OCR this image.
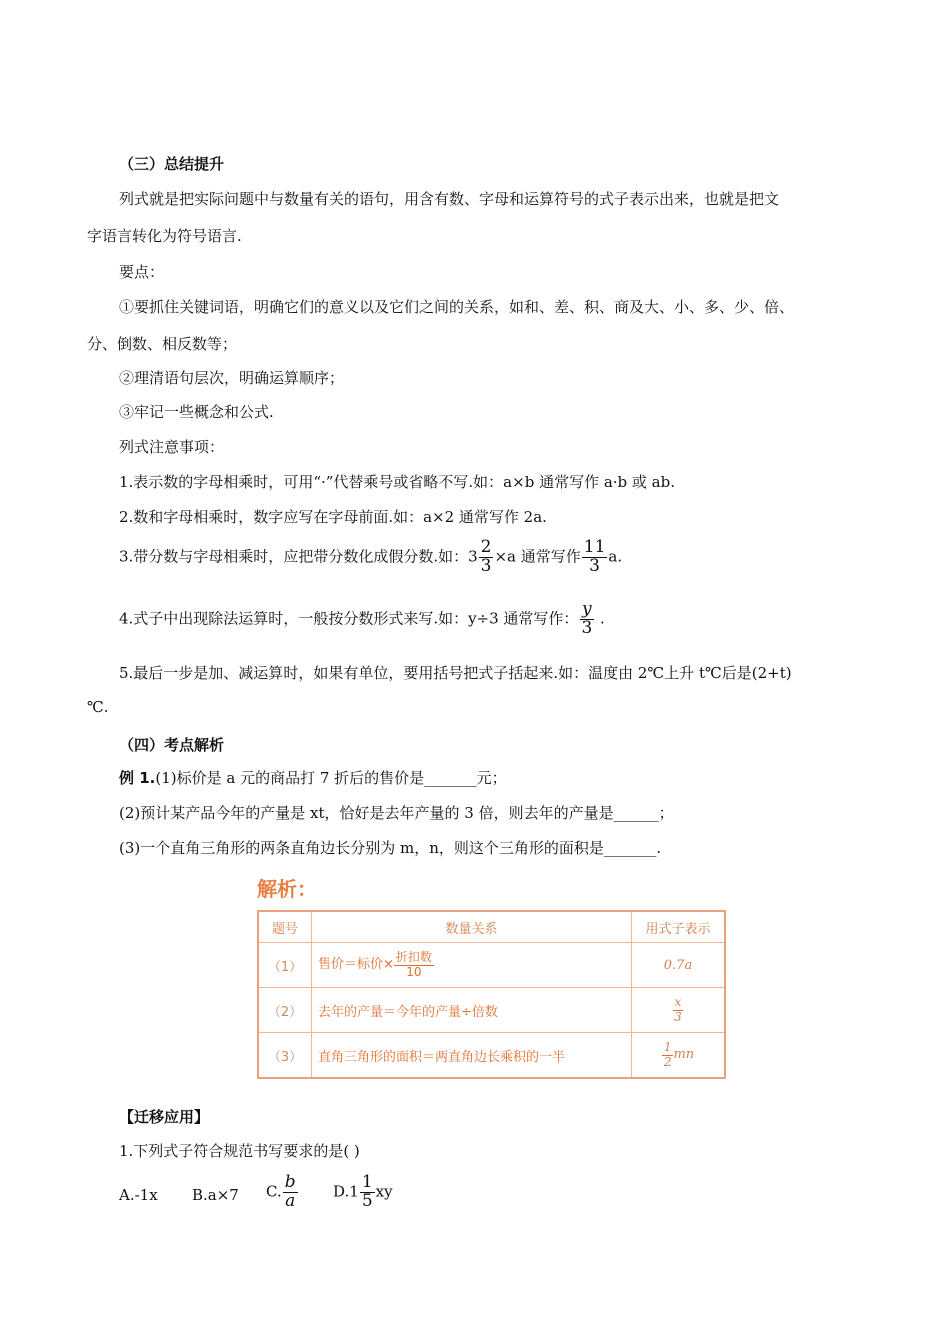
（三）总结提升
列式就是把实际问题中与数量有关的语句，用含有数、字母和运算符号的式子表示出来，也就是把文
字语言转化为符号语言.
要点：
①要抓住关键词语，明确它们的意义以及它们之间的关系，如和、差、积、商及大、小、多、少、倍、
分、倒数、相反数等；
②理清语句层次，明确运算顺序；
③牢记一些概念和公式.
列式注意事项：
1.表示数的字母相乘时，可用“·”代替乘号或省略不写.如：a×b 通常写作 a·b 或 ab.
2.数和字母相乘时，数字应写在字母前面.如：a×2 通常写作 2a.
3.带分数与字母相乘时，应把带分数化成假分数.如：$3 \frac{2}{3} \times a$ 通常写作 $\frac{11}{3} a$.
4.式子中出现除法运算时，一般按分数形式来写.如：y÷3 通常写作： $\frac{y}{3}$ .
5.最后一步是加、减运算时，如果有单位，要用括号把式子括起来.如：温度由 2℃上升 t℃后是(2+t)
℃.
（四）考点解析
例 1.(1)标价是 a 元的商品打 7 折后的售价是_______元；
(2)预计某产品今年的产量是 xt，恰好是去年产量的 3 倍，则去年的产量是______；
(3)一个直角三角形的两条直角边长分别为 m，n，则这个三角形的面积是_______.
解析：
题号	数量关系	用式子表示
（1）	售价＝标价×
折扣数
10	0.7a
（2）	去年的产量＝今年的产量÷倍数	$\frac{x}{3}$

（3）	直角三角形的面积＝两直角边长乘积的一半	$\frac{1}{2}$ mn
【迁移应用】
1.下列式子符合规范书写要求的是( )
A.-1x B.a×7 C. $\frac{b}{a} D.1 \frac{1}{5}$ xy
